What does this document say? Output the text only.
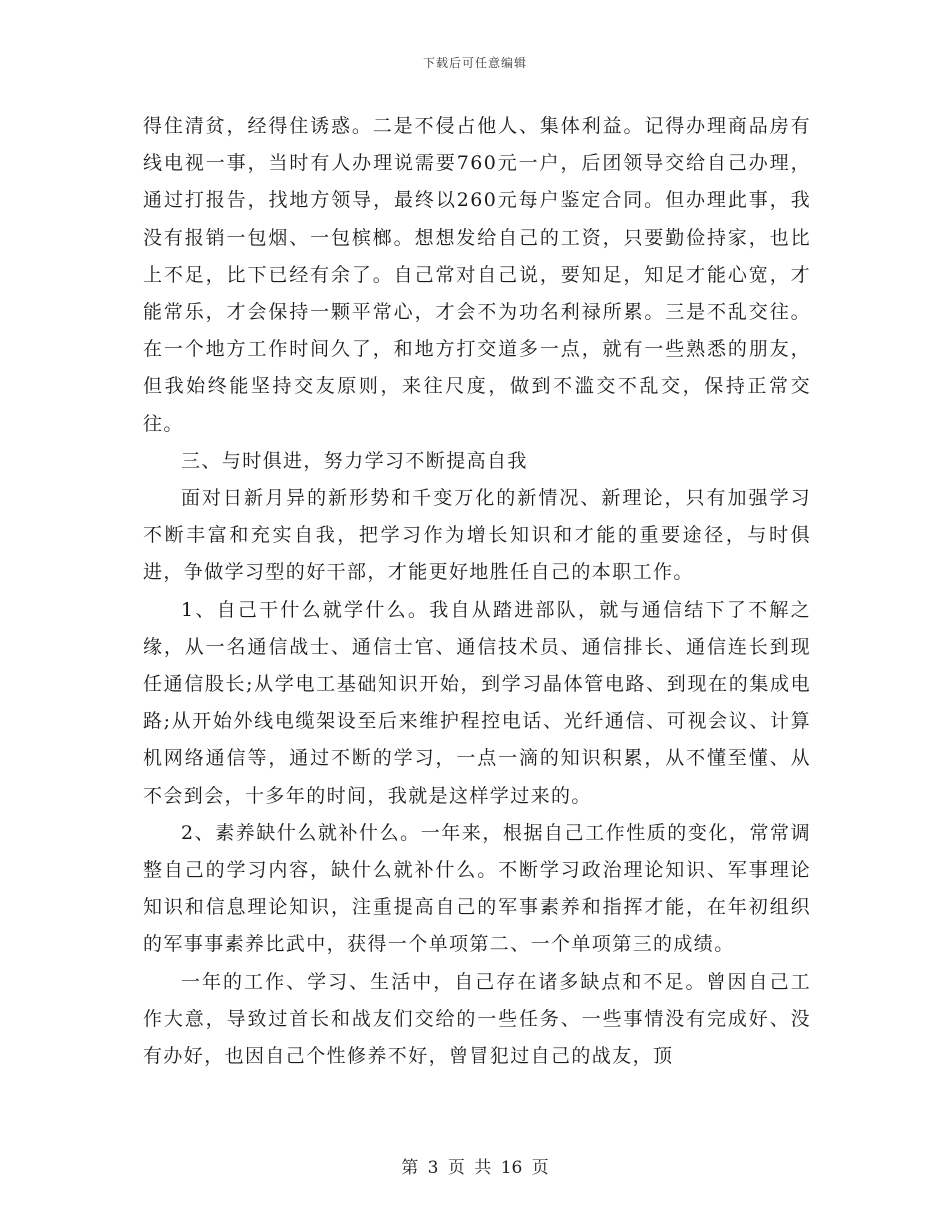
下载后可任意编辑

得住清贫，经得住诱惑。二是不侵占他人、集体利益。记得办理商品房有线电视一事，当时有人办理说需要760元一户，后团领导交给自己办理，通过打报告，找地方领导，最终以260元每户鉴定合同。但办理此事，我没有报销一包烟、一包槟榔。想想发给自己的工资，只要勤俭持家，也比上不足，比下已经有余了。自己常对自己说，要知足，知足才能心宽，才能常乐，才会保持一颗平常心，才会不为功名利禄所累。三是不乱交往。在一个地方工作时间久了，和地方打交道多一点，就有一些熟悉的朋友，但我始终能坚持交友原则，来往尺度，做到不滥交不乱交，保持正常交往。

三、与时俱进，努力学习不断提高自我

面对日新月异的新形势和千变万化的新情况、新理论，只有加强学习不断丰富和充实自我，把学习作为增长知识和才能的重要途径，与时俱进，争做学习型的好干部，才能更好地胜任自己的本职工作。

1、自己干什么就学什么。我自从踏进部队，就与通信结下了不解之缘，从一名通信战士、通信士官、通信技术员、通信排长、通信连长到现任通信股长;从学电工基础知识开始，到学习晶体管电路、到现在的集成电路;从开始外线电缆架设至后来维护程控电话、光纤通信、可视会议、计算机网络通信等，通过不断的学习，一点一滴的知识积累，从不懂至懂、从不会到会，十多年的时间，我就是这样学过来的。

2、素养缺什么就补什么。一年来，根据自己工作性质的变化，常常调整自己的学习内容，缺什么就补什么。不断学习政治理论知识、军事理论知识和信息理论知识，注重提高自己的军事素养和指挥才能，在年初组织的军事事素养比武中，获得一个单项第二、一个单项第三的成绩。

一年的工作、学习、生活中，自己存在诸多缺点和不足。曾因自己工作大意，导致过首长和战友们交给的一些任务、一些事情没有完成好、没有办好，也因自己个性修养不好，曾冒犯过自己的战友，顶

第 3 页 共 16 页
